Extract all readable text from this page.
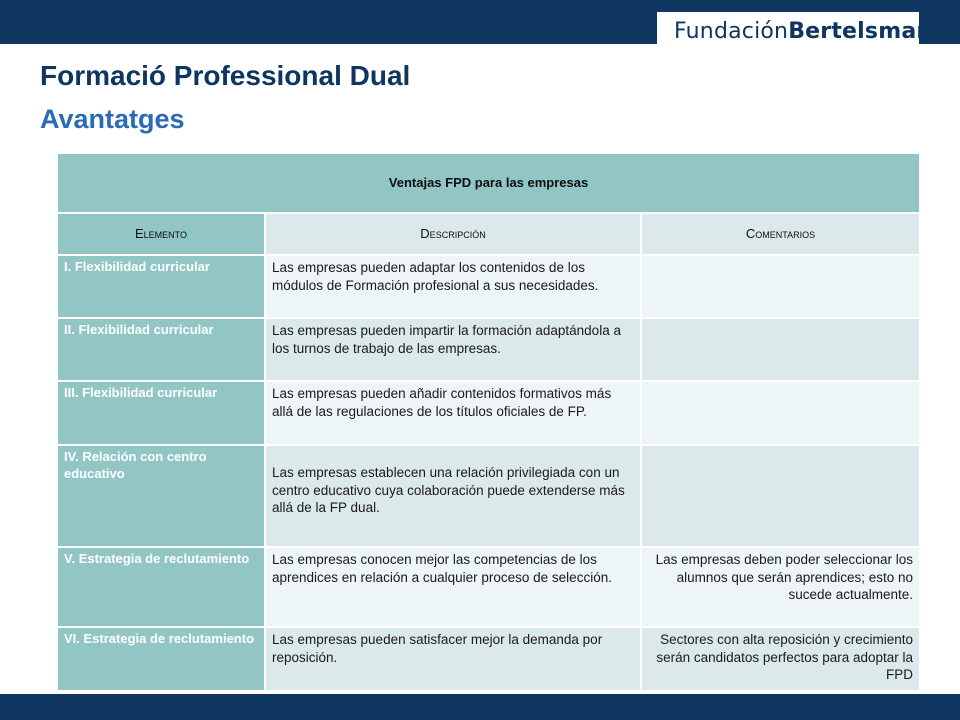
FundaciónBertelsmann
Formació Professional Dual
Avantatges
Ventajas FPD para las empresas		
Elemento	Descripción	Comentarios
I. Flexibilidad curricular	Las empresas pueden adaptar los contenidos de los módulos de Formación profesional a sus necesidades.	
II. Flexibilidad curricular	Las empresas pueden impartir la formación adaptándola a los turnos de trabajo de las empresas.	
III. Flexibilidad curricular	Las empresas pueden añadir contenidos formativos más allá de las regulaciones de los títulos oficiales de FP.	
IV. Relación con centro educativo	Las empresas establecen una relación privilegiada con un centro educativo cuya colaboración puede extenderse más allá de la FP dual.	
V. Estrategia de reclutamiento	Las empresas conocen mejor las competencias de los aprendices en relación a cualquier proceso de selección.	Las empresas deben poder seleccionar los alumnos que serán aprendices; esto no sucede actualmente.
VI. Estrategia de reclutamiento	Las empresas pueden satisfacer mejor la demanda por reposición.	Sectores con alta reposición y crecimiento serán candidatos perfectos para adoptar la FPD
